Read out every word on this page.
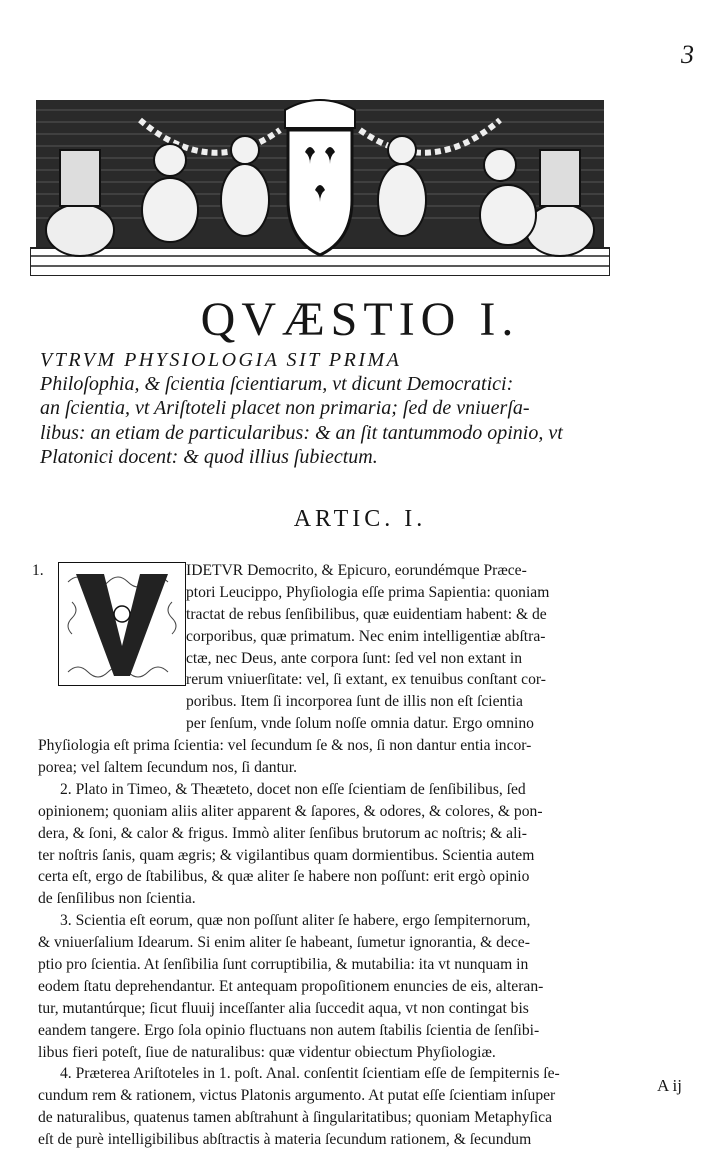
3
QVÆSTIO I.
VTRVM PHYSIOLOGIA SIT PRIMA
Philoſophia, & ſcientia ſcientiarum, vt dicunt Democratici:
an ſcientia, vt Ariſtoteli placet non primaria; ſed de vniuerſa-
libus: an etiam de particularibus: & an ſit tantummodo opinio, vt
Platonici docent: & quod illius ſubiectum.
ARTIC. I.
1.	IDETVR Democrito, & Epicuro, eorundémque Præce-
ptori Leucippo, Phyſiologia eſſe prima Sapientia: quoniam
tractat de rebus ſenſibilibus, quæ euidentiam habent: & de
corporibus, quæ primatum. Nec enim intelligentiæ abſtra-
ctæ, nec Deus, ante corpora ſunt: ſed vel non extant in
rerum vniuerſitate: vel, ſi extant, ex tenuibus conſtant cor-
poribus. Item ſi incorporea ſunt de illis non eſt ſcientia
per ſenſum, vnde ſolum noſſe omnia datur. Ergo omnino
Phyſiologia eſt prima ſcientia: vel ſecundum ſe & nos, ſi non dantur entia incor-
porea; vel ſaltem ſecundum nos, ſi dantur.
2. Plato in Timeo, & Theæteto, docet non eſſe ſcientiam de ſenſibilibus, ſed
opinionem; quoniam aliis aliter apparent & ſapores, & odores, & colores, & pon-
dera, & ſoni, & calor & frigus. Immò aliter ſenſibus brutorum ac noſtris; & ali-
ter noſtris ſanis, quam ægris; & vigilantibus quam dormientibus. Scientia autem
certa eſt, ergo de ſtabilibus, & quæ aliter ſe habere non poſſunt: erit ergò opinio
de ſenſilibus non ſcientia.
3. Scientia eſt eorum, quæ non poſſunt aliter ſe habere, ergo ſempiternorum,
& vniuerſalium Idearum. Si enim aliter ſe habeant, ſumetur ignorantia, & dece-
ptio pro ſcientia. At ſenſibilia ſunt corruptibilia, & mutabilia: ita vt nunquam in
eodem ſtatu deprehendantur. Et antequam propoſitionem enuncies de eis, alteran-
tur, mutantúrque; ſicut fluuij inceſſanter alia ſuccedit aqua, vt non contingat bis
eandem tangere. Ergo ſola opinio fluctuans non autem ſtabilis ſcientia de ſenſibi-
libus fieri poteſt, ſiue de naturalibus: quæ videntur obiectum Phyſiologiæ.
4. Præterea Ariſtoteles in 1. poſt. Anal. conſentit ſcientiam eſſe de ſempiternis ſe-
cundum rem & rationem, victus Platonis argumento. At putat eſſe ſcientiam inſuper
de naturalibus, quatenus tamen abſtrahunt à ſingularitatibus; quoniam Metaphyſica
eſt de purè intelligibilibus abſtractis à materia ſecundum rationem, & ſecundum
A ij
